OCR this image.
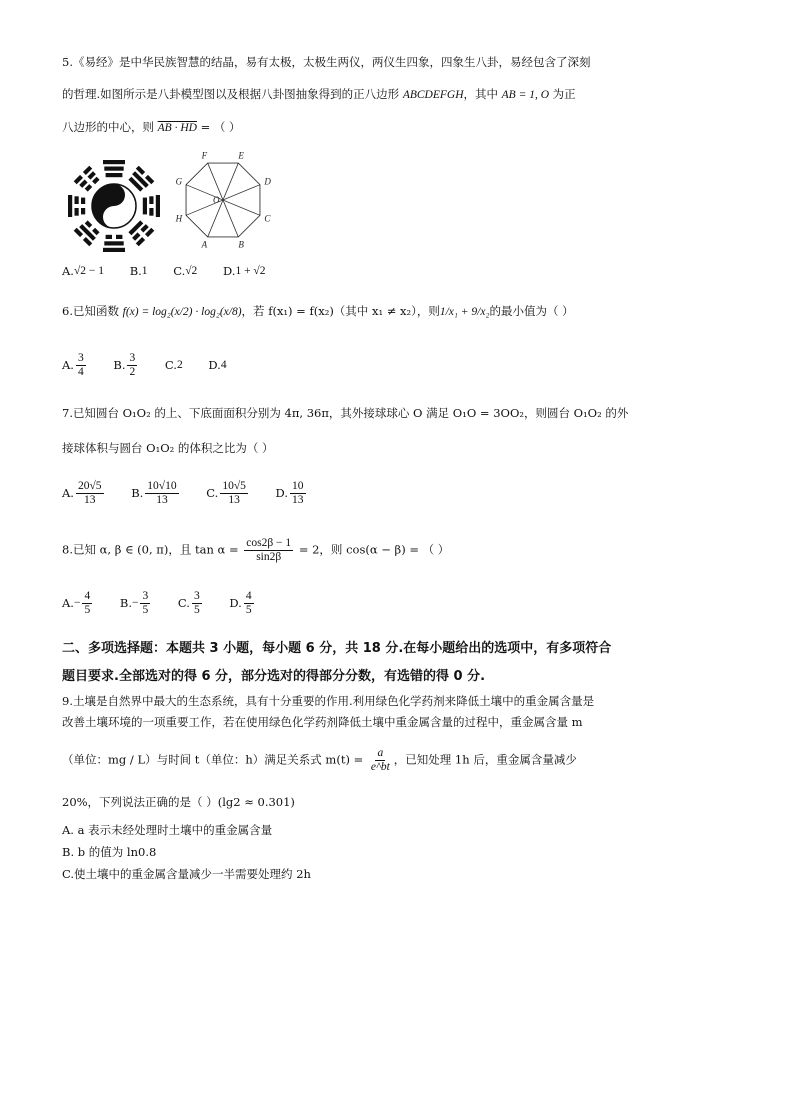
5.《易经》是中华民族智慧的结晶，易有太极，太极生两仪，两仪生四象，四象生八卦，易经包含了深刻
的哲理.如图所示是八卦模型图以及根据八卦图抽象得到的正八边形 ABCDEFGH，其中 AB = 1, O 为正
八边形的中心，则 AB · HD = （ ）
A	B
C
D
E
F
G
H
O
A. √2 − 1
B. 1
C. √2
D. 1 + √2
6.已知函数 f(x) = log₂(x/2) · log₂(x/8)，若 f(x₁) = f(x₂)（其中 x₁ ≠ x₂），则1/x₁ + 9/x₂的最小值为（ ）
A. $\frac{3}{4}$
B. $\frac{3}{2}$
C. 2
D. 4
7.已知圆台 O₁O₂ 的上、下底面面积分别为 4π, 36π，其外接球球心 O 满足 O₁O = 3OO₂，则圆台 O₁O₂ 的外
接球体积与圆台 O₁O₂ 的体积之比为（ ）
A. $\frac{20√5}{13}$
B. $\frac{10√10}{13}$
C. $\frac{10√5}{13}$
D. $\frac{10}{13}$
8.已知 α, β ∈ (0, π)，且 $\tan \alpha = \frac{\cos 2\beta - 1}{\sin 2\beta} = 2$，则 cos(α − β) = （ ）
A. − $\frac{4}{5}$
B. − $\frac{3}{5}$
C. $\frac{3}{5}$
D. $\frac{4}{5}$
二、多项选择题：本题共 3 小题，每小题 6 分，共 18 分.在每小题给出的选项中，有多项符合
题目要求.全部选对的得 6 分，部分选对的得部分分数，有选错的得 0 分.
9.土壤是自然界中最大的生态系统，具有十分重要的作用.利用绿色化学药剂来降低土壤中的重金属含量是
改善土壤环境的一项重要工作，若在使用绿色化学药剂降低土壤中重金属含量的过程中，重金属含量 m
（单位：mg / L）与时间 t（单位：h）满足关系式 $m(t) = \frac{a}{e\^{}bt}$ ，已知处理 1h 后，重金属含量减少
20%，下列说法正确的是（ ）(lg2 ≈ 0.301)
A. a 表示未经处理时土壤中的重金属含量
B. b 的值为 ln0.8
C.使土壤中的重金属含量减少一半需要处理约 2h
